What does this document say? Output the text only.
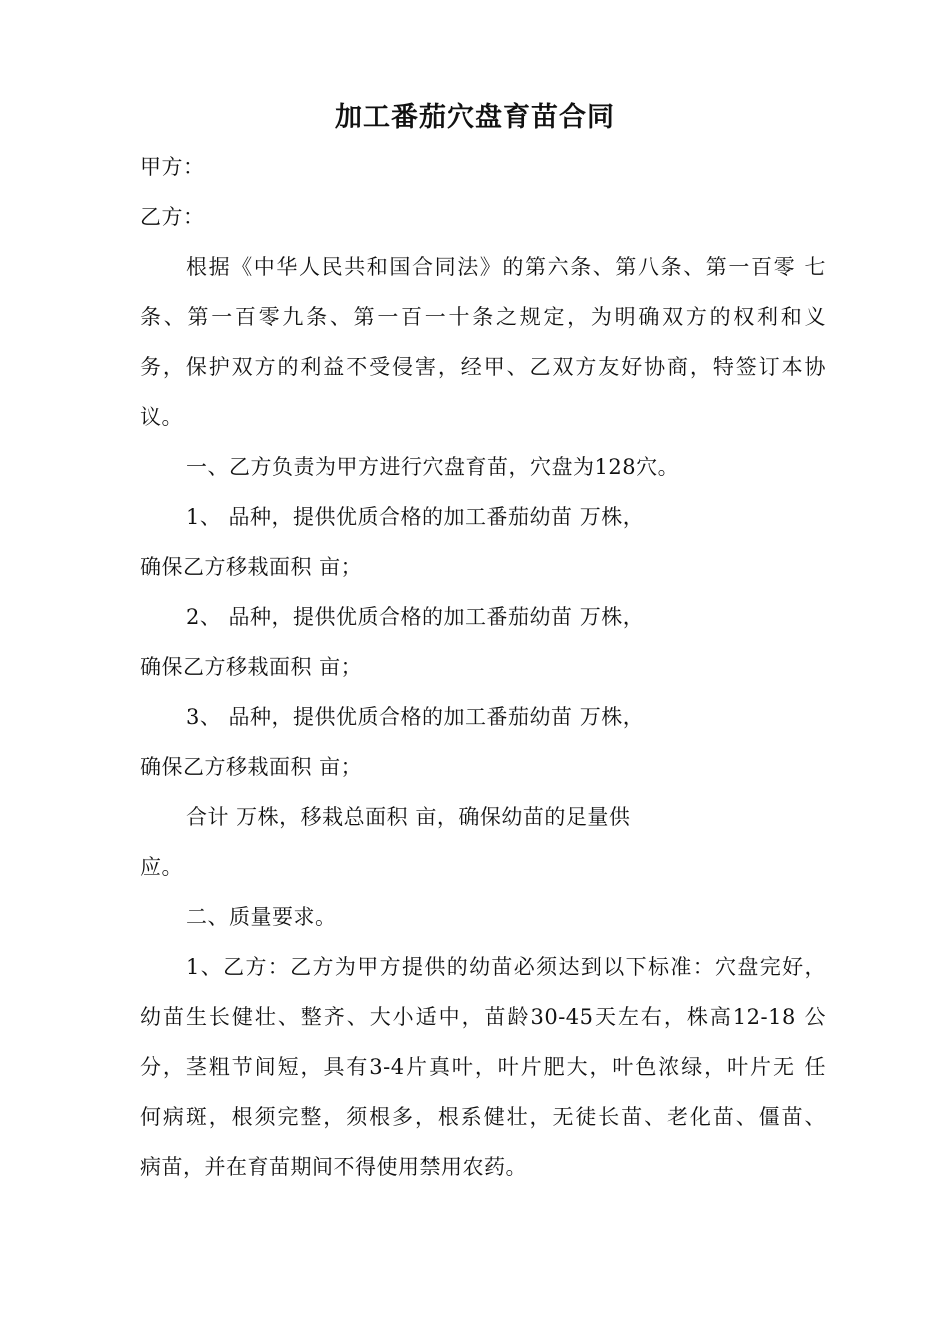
加工番茄穴盘育苗合同
甲方：
乙方：
根据《中华人民共和国合同法》的第六条、第八条、第一百零 七
条、第一百零九条、第一百一十条之规定，为明确双方的权利和义
务，保护双方的利益不受侵害，经甲、乙双方友好协商，特签订本协
议。
一、乙方负责为甲方进行穴盘育苗，穴盘为128穴。
1、 品种，提供优质合格的加工番茄幼苗 万株，
确保乙方移栽面积 亩；
2、 品种，提供优质合格的加工番茄幼苗 万株，
确保乙方移栽面积 亩；
3、 品种，提供优质合格的加工番茄幼苗 万株，
确保乙方移栽面积 亩；
合计 万株，移栽总面积 亩，确保幼苗的足量供
应。
二、质量要求。
1、乙方：乙方为甲方提供的幼苗必须达到以下标准：穴盘完好，
幼苗生长健壮、整齐、大小适中，苗龄30-45天左右，株高12-18 公
分，茎粗节间短，具有3-4片真叶，叶片肥大，叶色浓绿，叶片无 任
何病斑，根须完整，须根多，根系健壮，无徒长苗、老化苗、僵苗、
病苗，并在育苗期间不得使用禁用农药。
